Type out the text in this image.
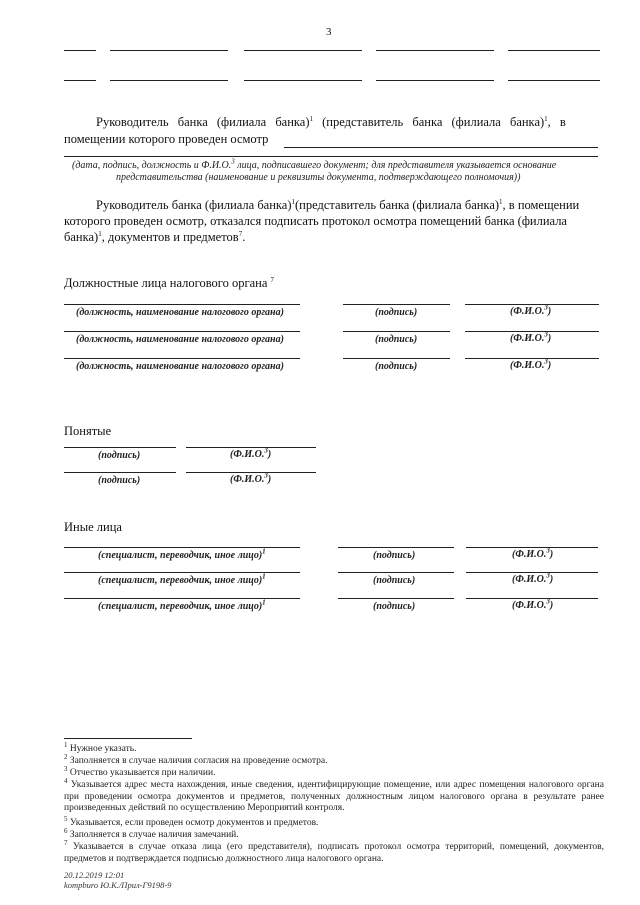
3
Руководитель банка (филиала банка)$^1$ (представитель банка (филиала банка)$^1$, в
помещении которого проведен осмотр
(дата, подпись, должность и Ф.И.О.$^3$ лица, подписавшего документ; для представителя указывается основание
представительства (наименование и реквизиты документа, подтверждающего полномочия))
Руководитель банка (филиала банка)$^1$(представитель банка (филиала банка)$^1$, в помещении
которого проведен осмотр, отказался подписать протокол осмотра помещений банка (филиала
банка)$^1$, документов и предметов$^7$.
Должностные лица налогового органа $^7$
(должность, наименование налогового органа)	(подпись)	(Ф.И.О.$^3$)
(должность, наименование налогового органа)	(подпись)	(Ф.И.О.$^3$)
(должность, наименование налогового органа)	(подпись)	(Ф.И.О.$^3$)
Понятые
(подпись)	(Ф.И.О.$^3$)
(подпись)	(Ф.И.О.$^3$)
Иные лица
(специалист, переводчик, иное лицо)$^1$	(подпись)	(Ф.И.О.$^3$)
(специалист, переводчик, иное лицо)$^1$	(подпись)	(Ф.И.О.$^3$)
(специалист, переводчик, иное лицо)$^1$	(подпись)	(Ф.И.О.$^3$)
$^1$ Нужное указать.
$^2$ Заполняется в случае наличия согласия на проведение осмотра.
$^3$ Отчество указывается при наличии.
$^4$ Указывается адрес места нахождения, иные сведения, идентифицирующие помещение, или адрес помещения налогового органа при проведении осмотра документов и предметов, полученных должностным лицом налогового органа в результате ранее произведенных действий по осуществлению Мероприятий контроля.
$^5$ Указывается, если проведен осмотр документов и предметов.
$^6$ Заполняется в случае наличия замечаний.
$^7$ Указывается в случае отказа лица (его представителя), подписать протокол осмотра территорий, помещений, документов, предметов и подтверждается подписью должностного лица налогового органа.
20.12.2019 12:01
kompburo Ю.К./Прил-Г9198-9
